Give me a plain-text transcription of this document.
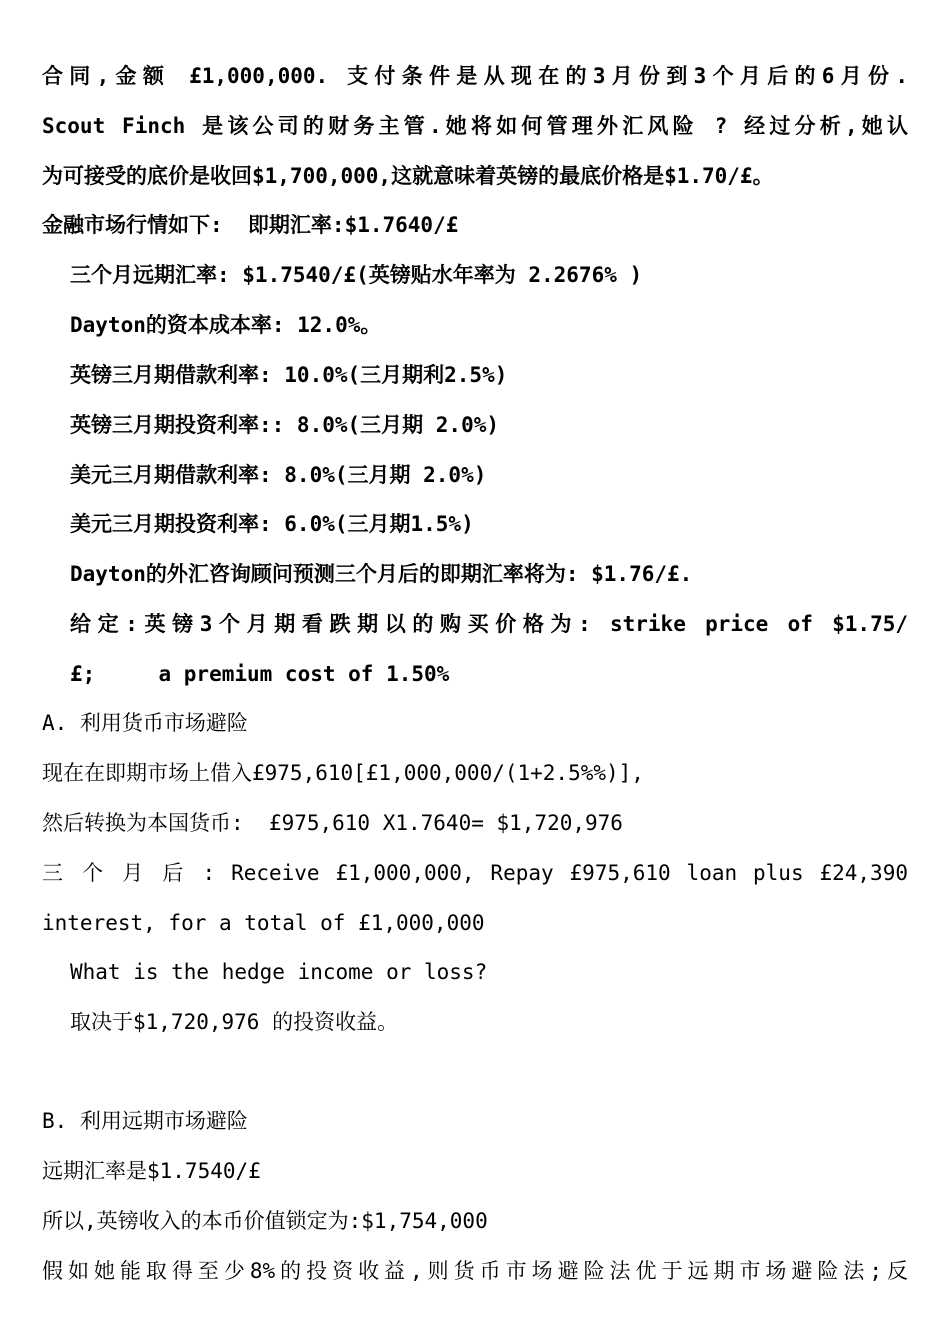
合同,金额 £1,000,000. 支付条件是从现在的3月份到3个月后的6月份.
Scout Finch 是该公司的财务主管.她将如何管理外汇风险 ? 经过分析,她认
为可接受的底价是收回$1,700,000,这就意味着英镑的最底价格是$1.70/£。
金融市场行情如下:  即期汇率:$1.7640/£
三个月远期汇率: $1.7540/£(英镑贴水年率为 2.2676% )
Dayton的资本成本率: 12.0%。
英镑三月期借款利率: 10.0%(三月期利2.5%)
英镑三月期投资利率:: 8.0%(三月期 2.0%)
美元三月期借款利率: 8.0%(三月期 2.0%)
美元三月期投资利率: 6.0%(三月期1.5%)
Dayton的外汇咨询顾问预测三个月后的即期汇率将为: $1.76/£.
给定:英镑3个月期看跌期以的购买价格为: strike price of $1.75/
£;     a premium cost of 1.50%
A. 利用货币市场避险
现在在即期市场上借入£975,610[£1,000,000/(1+2.5%%)],
然后转换为本国货币:  £975,610 X1.7640= $1,720,976
三 个 月 后 : Receive £1,000,000, Repay £975,610 loan plus £24,390
interest, for a total of £1,000,000
What is the hedge income or loss?
取决于$1,720,976 的投资收益。
B. 利用远期市场避险
远期汇率是$1.7540/£
所以,英镑收入的本币价值锁定为:$1,754,000
假如她能取得至少8%的投资收益,则货币市场避险法优于远期市场避险法;反
